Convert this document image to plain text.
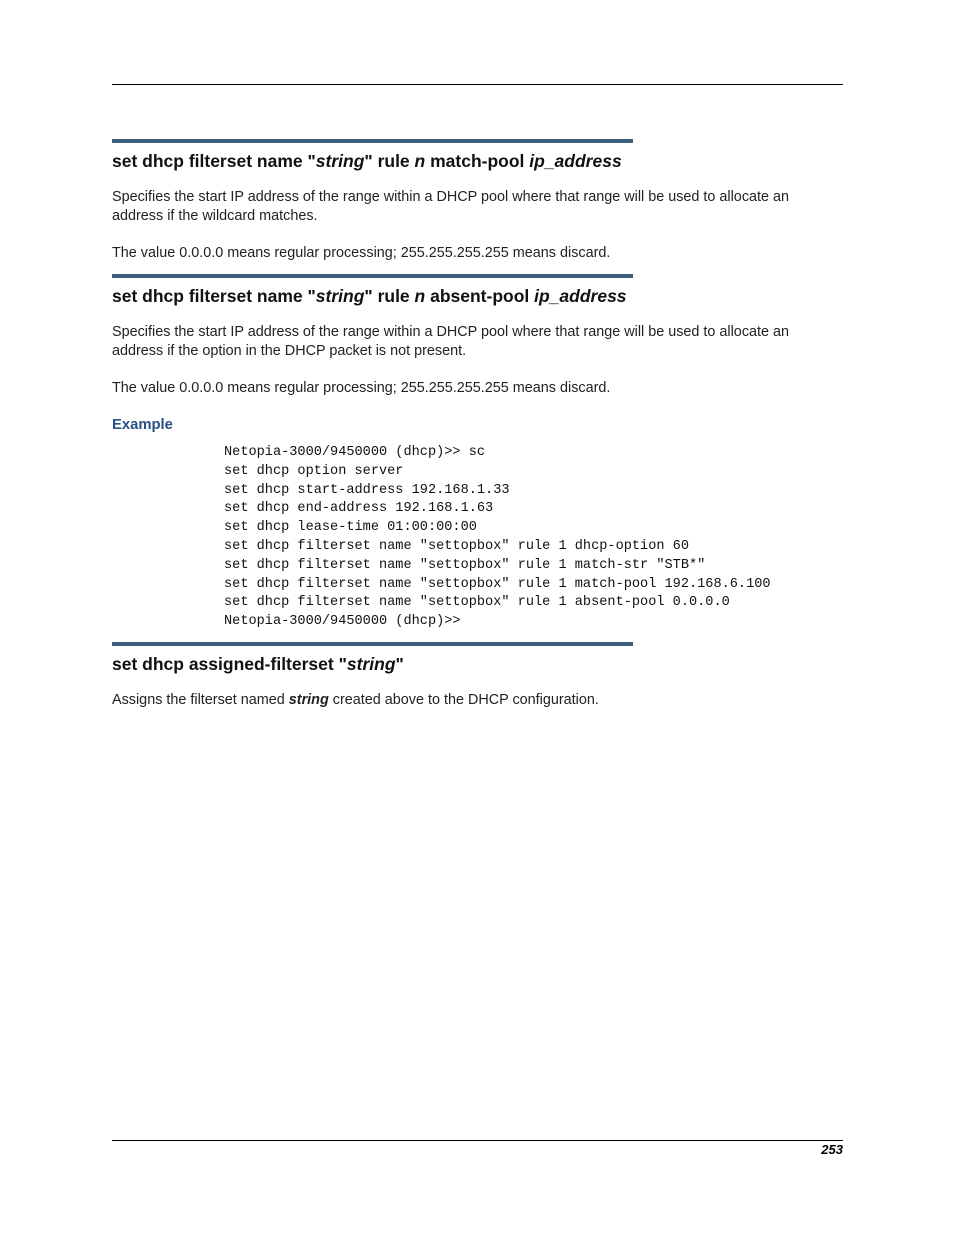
set dhcp filterset name "string" rule n match-pool ip_address

Specifies the start IP address of the range within a DHCP pool where that range will be used to allocate an address if the wildcard matches.

The value 0.0.0.0 means regular processing; 255.255.255.255 means discard.

set dhcp filterset name "string" rule n absent-pool ip_address

Specifies the start IP address of the range within a DHCP pool where that range will be used to allocate an address if the option in the DHCP packet is not present.

The value 0.0.0.0 means regular processing; 255.255.255.255 means discard.

Example
Netopia-3000/9450000 (dhcp)>> sc
set dhcp option server
set dhcp start-address 192.168.1.33
set dhcp end-address 192.168.1.63
set dhcp lease-time 01:00:00:00
set dhcp filterset name "settopbox" rule 1 dhcp-option 60
set dhcp filterset name "settopbox" rule 1 match-str "STB*"
set dhcp filterset name "settopbox" rule 1 match-pool 192.168.6.100
set dhcp filterset name "settopbox" rule 1 absent-pool 0.0.0.0
Netopia-3000/9450000 (dhcp)>>
set dhcp assigned-filterset "string"

Assigns the filterset named string created above to the DHCP configuration.

253
